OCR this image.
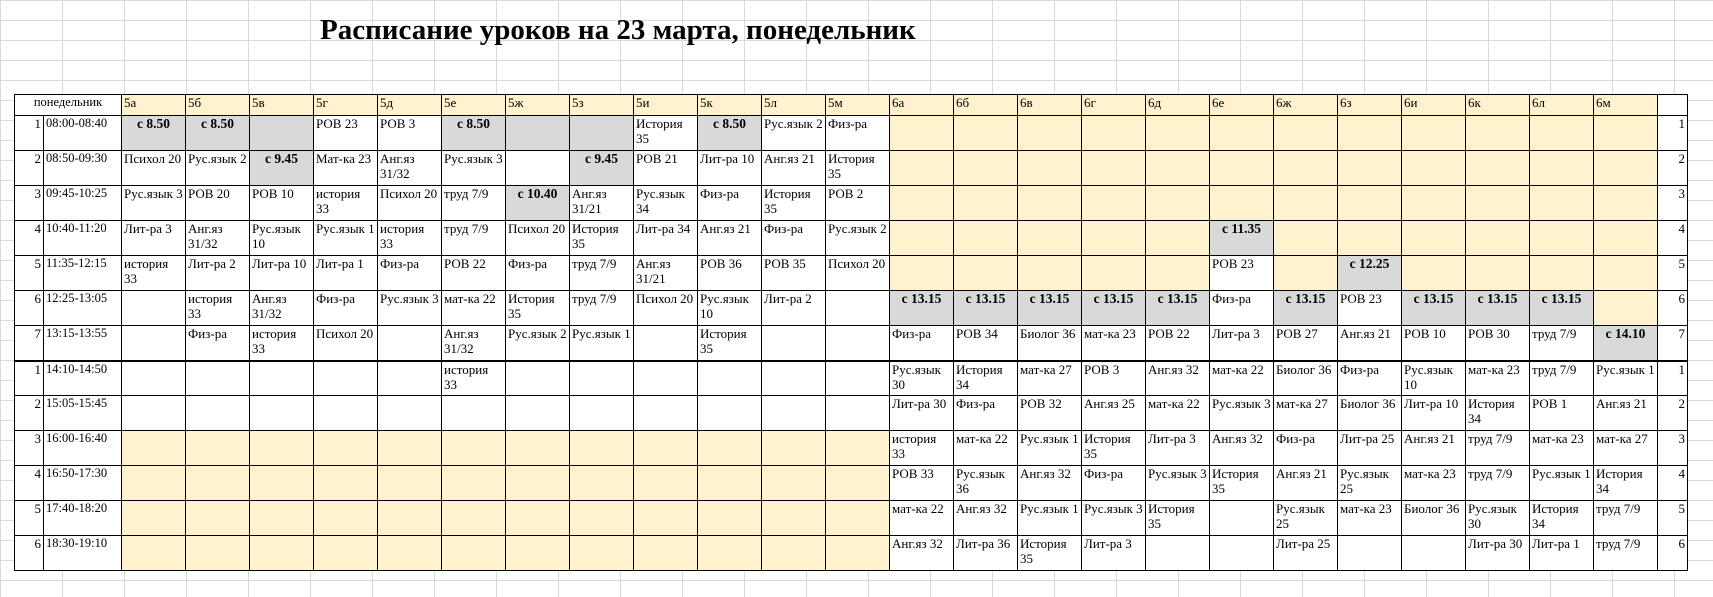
Расписание уроков на 23 марта, понедельник
понедельник		5а	5б	5в	5г	5д	5е	5ж	5з	5и	5к	5л	5м	6а	6б	6в	6г	6д	6е	6ж	6з	6и	6к	6л	6м	
1	08:00-08:40	с 8.50	с 8.50		РОВ 23	РОВ 3	с 8.50			История 35	с 8.50	Рус.язык 2	Физ-ра													1
2	08:50-09:30	Психол 20	Рус.язык 2	с 9.45	Мат-ка 23	Анг.яз 31/32	Рус.язык 3		с 9.45	РОВ 21	Лит-ра 10	Анг.яз 21	История 35													2
3	09:45-10:25	Рус.язык 3	РОВ 20	РОВ 10	история 33	Психол 20	труд 7/9	с 10.40	Анг.яз 31/21	Рус.язык 34	Физ-ра	История 35	РОВ 2													3
4	10:40-11:20	Лит-ра 3	Анг.яз 31/32	Рус.язык 10	Рус.язык 1	история 33	труд 7/9	Психол 20	История 35	Лит-ра 34	Анг.яз 21	Физ-ра	Рус.язык 2						с 11.35							4
5	11:35-12:15	история 33	Лит-ра 2	Лит-ра 10	Лит-ра 1	Физ-ра	РОВ 22	Физ-ра	труд 7/9	Анг.яз 31/21	РОВ 36	РОВ 35	Психол 20						РОВ 23		с 12.25					5
6	12:25-13:05		история 33	Анг.яз 31/32	Физ-ра	Рус.язык 3	мат-ка 22	История 35	труд 7/9	Психол 20	Рус.язык 10	Лит-ра 2		с 13.15	с 13.15	с 13.15	с 13.15	с 13.15	Физ-ра	с 13.15	РОВ 23	с 13.15	с 13.15	с 13.15		6
7	13:15-13:55		Физ-ра	история 33	Психол 20		Анг.яз 31/32	Рус.язык 2	Рус.язык 1		История 35			Физ-ра	РОВ 34	Биолог 36	мат-ка 23	РОВ 22	Лит-ра 3	РОВ 27	Анг.яз 21	РОВ 10	РОВ 30	труд 7/9	с 14.10	7
1	14:10-14:50						история 33							Рус.язык 30	История 34	мат-ка 27	РОВ 3	Анг.яз 32	мат-ка 22	Биолог 36	Физ-ра	Рус.язык 10	мат-ка 23	труд 7/9	Рус.язык 1	1
2	15:05-15:45													Лит-ра 30	Физ-ра	РОВ 32	Анг.яз 25	мат-ка 22	Рус.язык 3	мат-ка 27	Биолог 36	Лит-ра 10	История 34	РОВ 1	Анг.яз 21	2
3	16:00-16:40													история 33	мат-ка 22	Рус.язык 1	История 35	Лит-ра 3	Анг.яз 32	Физ-ра	Лит-ра 25	Анг.яз 21	труд 7/9	мат-ка 23	мат-ка 27	3
4	16:50-17:30													РОВ 33	Рус.язык 36	Анг.яз 32	Физ-ра	Рус.язык 3	История 35	Анг.яз 21	Рус.язык 25	мат-ка 23	труд 7/9	Рус.язык 1	История 34	4
5	17:40-18:20													мат-ка 22	Анг.яз 32	Рус.язык 1	Рус.язык 3	История 35		Рус.язык 25	мат-ка 23	Биолог 36	Рус.язык 30	История 34	труд 7/9	5
6	18:30-19:10													Анг.яз 32	Лит-ра 36	История 35	Лит-ра 3			Лит-ра 25			Лит-ра 30	Лит-ра 1	труд 7/9	6
